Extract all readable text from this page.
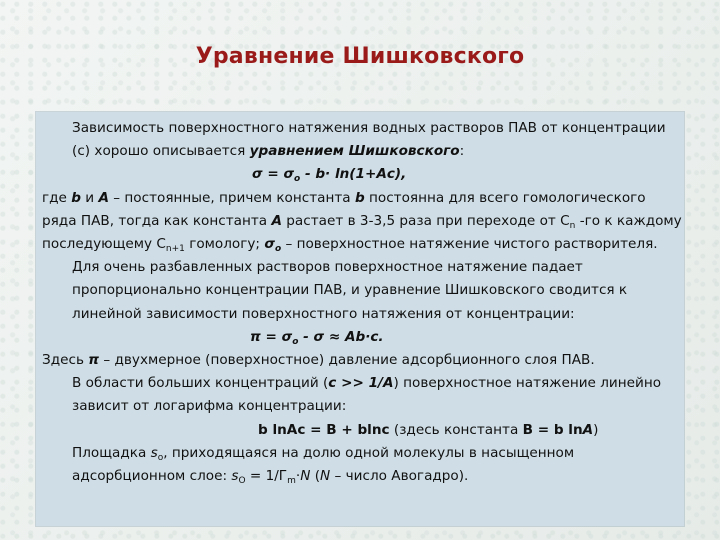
Уравнение Шишковского

Зависимость поверхностного натяжения водных растворов ПАВ от концентрации (с) хорошо описывается уравнением Шишковского:

$\sigma = \sigma_о - b\cdot \ln(1+Aс)$,

где b и А – постоянные, причем константа b постоянна для всего гомологического ряда ПАВ, тогда как константа А растает в 3-3,5 раза при переходе от $С_n$ -го к каждому последующему $С_{n+1}$ гомологу; $\sigma_о$ – поверхностное натяжение чистого растворителя.

Для очень разбавленных растворов поверхностное натяжение падает пропорционально концентрации ПАВ, и уравнение Шишковского сводится к линейной зависимости поверхностного натяжения от концентрации:

$\pi = \sigma_о - \sigma \approx Ab\cdot c$.

Здесь π – двухмерное (поверхностное) давление адсорбционного слоя ПАВ.

В области больших концентраций (с >> 1/А) поверхностное натяжение линейно зависит от логарифма концентрации:

b lnAc = B + blnc (здесь константа В = b lnА)

Площадка $s_о$, приходящаяся на долю одной молекулы в насыщенном адсорбционном слое: $s_О = 1/Г_m\cdot N$ (N – число Авогадро).
